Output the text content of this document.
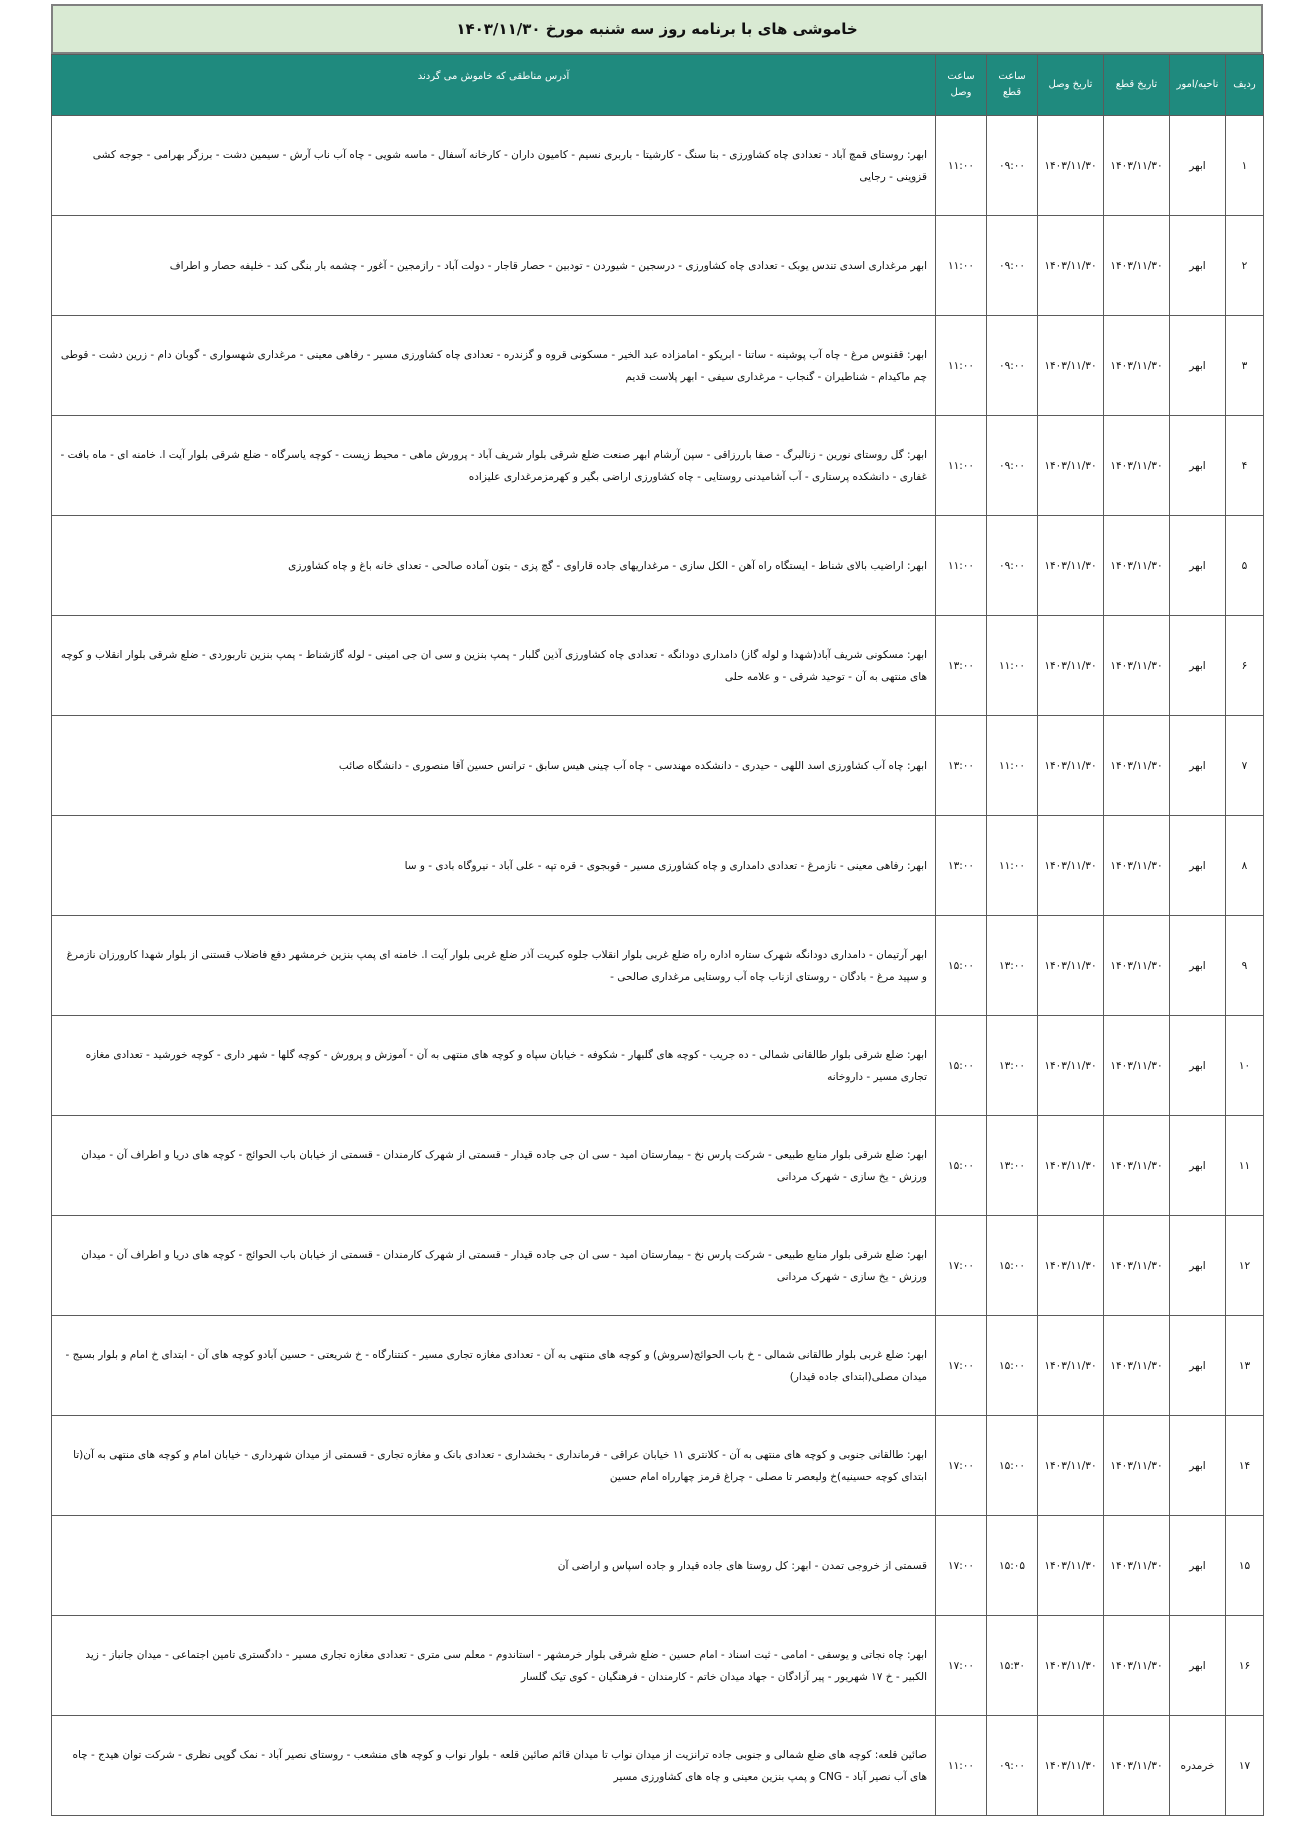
خاموشی های با برنامه روز سه شنبه مورخ ۱۴۰۳/۱۱/۳۰
ردیف	ناحیه/امور	تاریخ قطع	تاریخ وصل	ساعت قطع	ساعت وصل	آدرس مناطقی که خاموش می گردند
۱	ابهر	۱۴۰۳/۱۱/۳۰	۱۴۰۳/۱۱/۳۰	۰۹:۰۰	۱۱:۰۰	ابهر: روستای قمچ آباد - تعدادی چاه کشاورزی - بنا سنگ - کارشیتا - باربری نسیم - کامیون داران - کارخانه آسفال - ماسه شویی - چاه آب ناب آرش - سیمین دشت - برزگر بهرامی - جوجه کشی قزوینی - رجایی
۲	ابهر	۱۴۰۳/۱۱/۳۰	۱۴۰۳/۱۱/۳۰	۰۹:۰۰	۱۱:۰۰	ابهر مرغداری اسدی تندس یوبک - تعدادی چاه کشاورزی - درسجین - شیوردن - تودبین - حصار قاجار - دولت آباد - رازمجین - آغور - چشمه بار بنگی کند - خلیفه حصار و اطراف
۳	ابهر	۱۴۰۳/۱۱/۳۰	۱۴۰۳/۱۱/۳۰	۰۹:۰۰	۱۱:۰۰	ابهر: ققنوس مرغ - چاه آب پوشینه - ساتنا - ابریکو - امامزاده عبد الخیر - مسکونی قروه و گزندره - تعدادی چاه کشاورزی مسیر - رفاهی معینی - مرغداری شهسواری - گوبان دام - زرین دشت - قوطی چم ماکیدام - شناطیران - گنجاب - مرغداری سیفی - ابهر پلاست قدیم
۴	ابهر	۱۴۰۳/۱۱/۳۰	۱۴۰۳/۱۱/۳۰	۰۹:۰۰	۱۱:۰۰	ابهر: گل روستای نورین - زنالبرگ - صفا باررزاقی - سپن آرشام ابهر صنعت ضلع شرقی بلوار شریف آباد - پرورش ماهی - محیط زیست - کوچه یاسرگاه - ضلع شرقی بلوار آیت ا. خامنه ای - ماه بافت - غفاری - دانشکده پرستاری - آب آشامیدنی روستایی - چاه کشاورزی اراضی بگیر و کهرمزمرغداری علیزاده
۵	ابهر	۱۴۰۳/۱۱/۳۰	۱۴۰۳/۱۱/۳۰	۰۹:۰۰	۱۱:۰۰	ابهر: اراضیب بالای شناط - ایستگاه راه آهن - الکل سازی - مرغداریهای جاده قاراوی - گچ پزی - بتون آماده صالحی - تعدای خانه باغ و چاه کشاورزی
۶	ابهر	۱۴۰۳/۱۱/۳۰	۱۴۰۳/۱۱/۳۰	۱۱:۰۰	۱۳:۰۰	ابهر: مسکونی شریف آباد(شهدا و لوله گاز) دامداری دودانگه - تعدادی چاه کشاورزی آذین گلبار - پمپ بنزین و سی ان جی امینی - لوله گازشناط - پمپ بنزین تاربوردی - ضلع شرقی بلوار انقلاب و کوچه های منتهی به آن - توحید شرقی - و علامه حلی
۷	ابهر	۱۴۰۳/۱۱/۳۰	۱۴۰۳/۱۱/۳۰	۱۱:۰۰	۱۳:۰۰	ابهر: چاه آب کشاورزی اسد اللهی - حیدری - دانشکده مهندسی - چاه آب چینی هیس سابق - ترانس حسین آقا منصوری - دانشگاه صائب
۸	ابهر	۱۴۰۳/۱۱/۳۰	۱۴۰۳/۱۱/۳۰	۱۱:۰۰	۱۳:۰۰	ابهر: رفاهی معینی - نازمرغ - تعدادی دامداری و چاه کشاورزی مسیر - قوبجوی - قره تپه - علی آباد - نیروگاه بادی - و سا
۹	ابهر	۱۴۰۳/۱۱/۳۰	۱۴۰۳/۱۱/۳۰	۱۳:۰۰	۱۵:۰۰	ابهر آرتیمان - دامداری دودانگه شهرک ستاره اداره راه ضلع غربی بلوار انقلاب جلوه کبریت آذر ضلع غربی بلوار آیت ا. خامنه ای پمپ بنزین خرمشهر دفع فاضلاب قستنی از بلوار شهدا کارورزان نازمرغ و سپید مرغ - بادگان - روستای ازناب چاه آب روستایی مرغداری صالحی -
۱۰	ابهر	۱۴۰۳/۱۱/۳۰	۱۴۰۳/۱۱/۳۰	۱۳:۰۰	۱۵:۰۰	ابهر: ضلع شرقی بلوار طالقانی شمالی - ده جریب - کوچه های گلبهار - شکوفه - خیابان سپاه و کوچه های منتهی به آن - آموزش و پرورش - کوچه گلها - شهر داری - کوچه خورشید - تعدادی مغازه تجاری مسیر - داروخانه
۱۱	ابهر	۱۴۰۳/۱۱/۳۰	۱۴۰۳/۱۱/۳۰	۱۳:۰۰	۱۵:۰۰	ابهر: ضلع شرقی بلوار منابع طبیعی - شرکت پارس نخ - بیمارستان امید - سی ان جی جاده قیدار - قسمتی از شهرک کارمندان - قسمتی از خیابان باب الحوائج - کوچه های دریا و اطراف آن - میدان ورزش - یخ سازی - شهرک مردانی
۱۲	ابهر	۱۴۰۳/۱۱/۳۰	۱۴۰۳/۱۱/۳۰	۱۵:۰۰	۱۷:۰۰	ابهر: ضلع شرقی بلوار منابع طبیعی - شرکت پارس نخ - بیمارستان امید - سی ان جی جاده قیدار - قسمتی از شهرک کارمندان - قسمتی از خیابان باب الحوائج - کوچه های دریا و اطراف آن - میدان ورزش - یخ سازی - شهرک مردانی
۱۳	ابهر	۱۴۰۳/۱۱/۳۰	۱۴۰۳/۱۱/۳۰	۱۵:۰۰	۱۷:۰۰	ابهر: ضلع غربی بلوار طالقانی شمالی - خ باب الحوائج(سروش) و کوچه های منتهی به آن - تعدادی مغازه تجاری مسیر - کنتنارگاه - خ شریعتی - حسین آبادو کوچه های آن - ابتدای خ امام و بلوار بسیج - میدان مصلی(ابتدای جاده قیدار)
۱۴	ابهر	۱۴۰۳/۱۱/۳۰	۱۴۰۳/۱۱/۳۰	۱۵:۰۰	۱۷:۰۰	ابهر: طالقانی جنوبی و کوچه های منتهی به آن - کلانتری ۱۱ خیابان عراقی - فرمانداری - بخشداری - تعدادی بانک و مغازه تجاری - قسمتی از میدان شهرداری - خیابان امام و کوچه های منتهی به آن(تا ابتدای کوچه حسینیه)خ ولیعصر تا مصلی - چراغ قرمز چهارراه امام حسین
۱۵	ابهر	۱۴۰۳/۱۱/۳۰	۱۴۰۳/۱۱/۳۰	۱۵:۰۵	۱۷:۰۰	قسمتی از خروجی تمدن - ابهر: کل روستا های جاده قیدار و جاده اسپاس و اراضی آن
۱۶	ابهر	۱۴۰۳/۱۱/۳۰	۱۴۰۳/۱۱/۳۰	۱۵:۳۰	۱۷:۰۰	ابهر: چاه نجاتی و یوسفی - امامی - ثبت اسناد - امام حسین - ضلع شرقی بلوار خرمشهر - استاندوم - معلم سی متری - تعدادی مغازه تجاری مسیر - دادگستری تامین اجتماعی - میدان جانباز - زید الکبیر - خ ۱۷ شهریور - پیر آزادگان - جهاد میدان خاتم - کارمندان - فرهنگیان - کوی تیک گلسار
۱۷	خرمدره	۱۴۰۳/۱۱/۳۰	۱۴۰۳/۱۱/۳۰	۰۹:۰۰	۱۱:۰۰	صائین قلعه: کوچه های ضلع شمالی و جنوبی جاده ترانزیت از میدان نواب تا میدان قائم صائین قلعه - بلوار نواب و کوچه های منشعب - روستای نصیر آباد - نمک گوپی نظری - شرکت توان هیدج - چاه های آب نصیر آباد - CNG و پمپ بنزین معینی و چاه های کشاورزی مسیر
